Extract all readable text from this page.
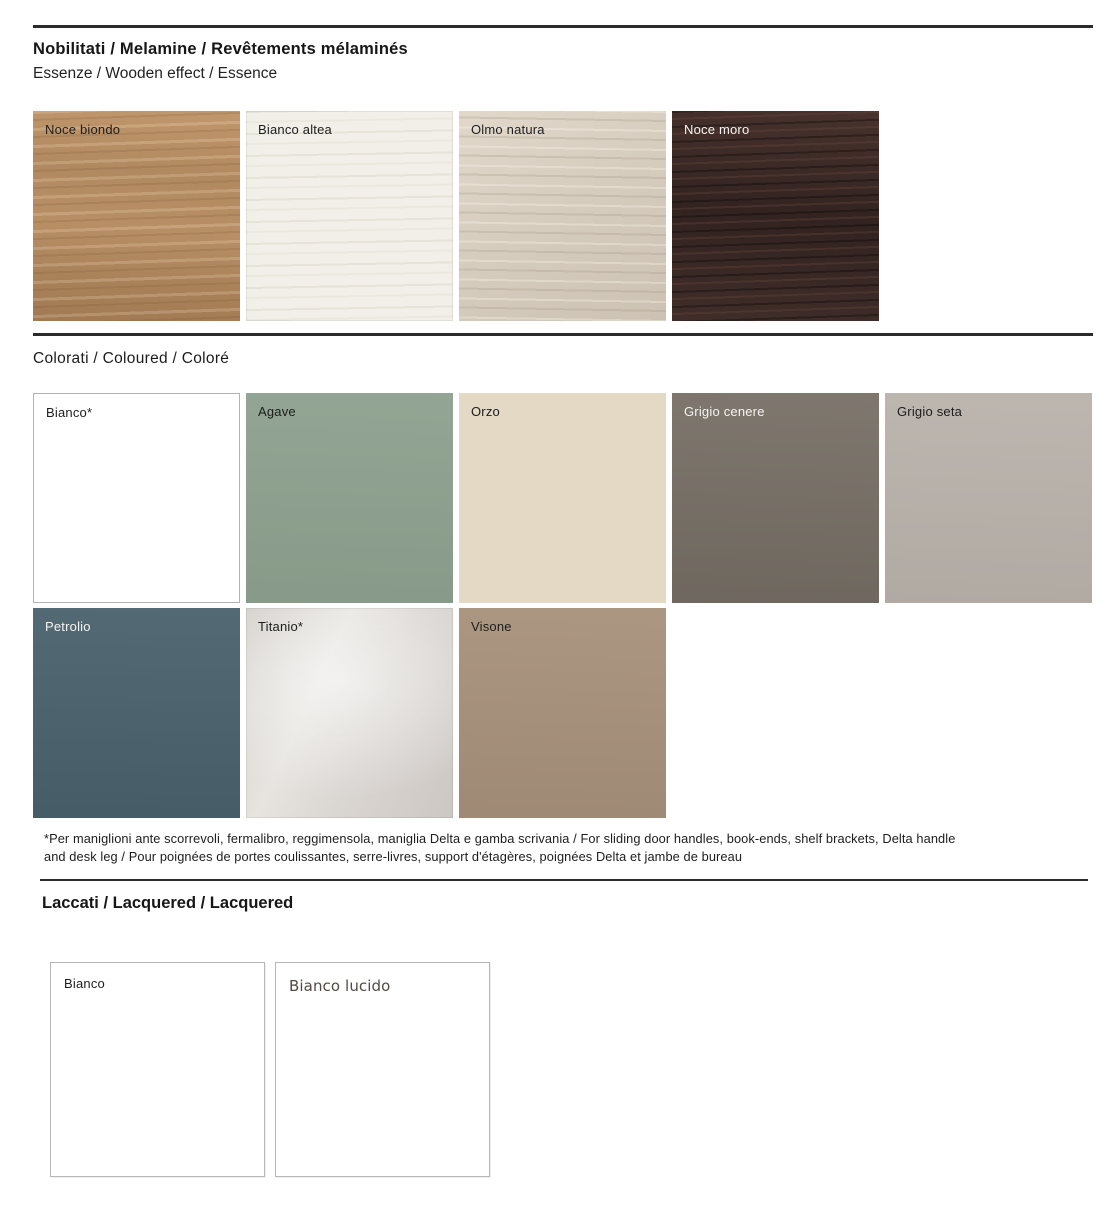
Nobilitati / Melamine / Revêtements mélaminés

Essenze / Wooden effect / Essence

Noce biondo	Bianco altea	Olmo natura	Noce moro
Colorati / Coloured / Coloré
Bianco*	Agave	Orzo	Grigio cenere	Grigio seta
Petrolio	Titanio*	Visone

*Per maniglioni ante scorrevoli, fermalibro, reggimensola, maniglia Delta e gamba scrivania / For sliding door handles, book-ends, shelf brackets, Delta handle and desk leg / Pour poignées de portes coulissantes, serre-livres, support d'étagères, poignées Delta et jambe de bureau

Laccati / Lacquered / Lacquered
Bianco	Bianco lucido
